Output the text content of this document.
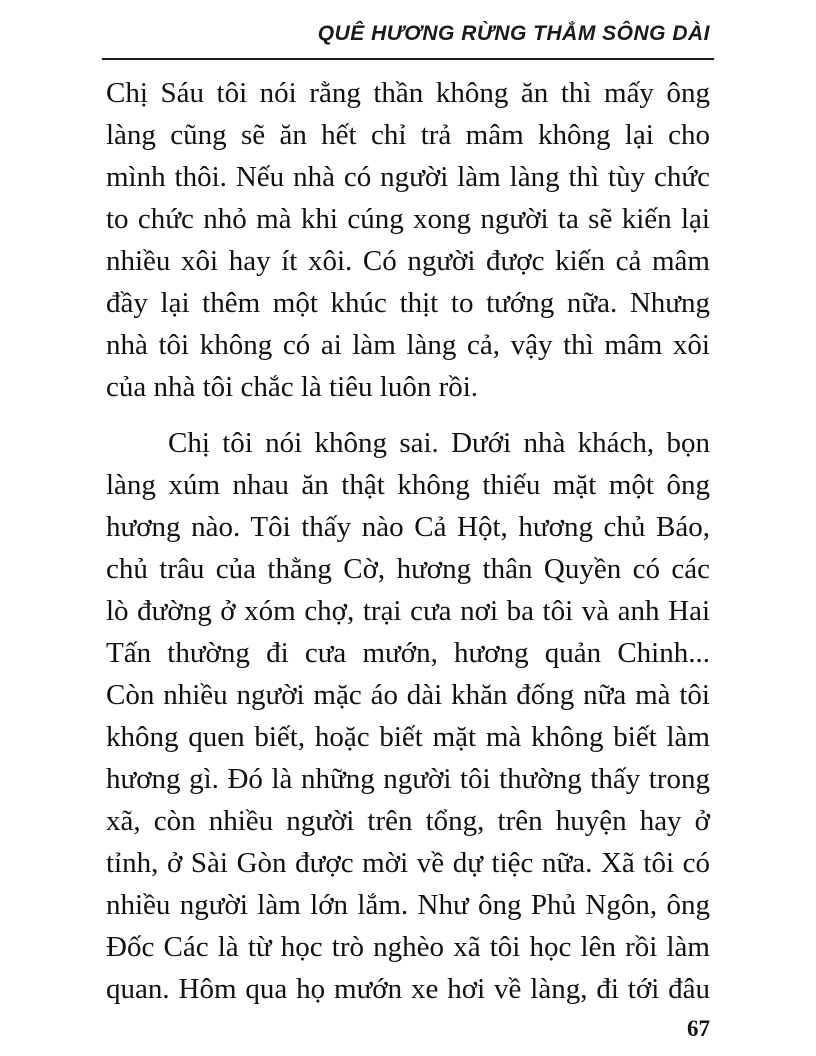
QUÊ HƯƠNG RỪNG THẲM SÔNG DÀI

Chị Sáu tôi nói rằng thần không ăn thì mấy ông
làng cũng sẽ ăn hết chỉ trả mâm không lại cho
mình thôi. Nếu nhà có người làm làng thì tùy chức
to chức nhỏ mà khi cúng xong người ta sẽ kiến lại
nhiều xôi hay ít xôi. Có người được kiến cả mâm
đầy lại thêm một khúc thịt to tướng nữa. Nhưng
nhà tôi không có ai làm làng cả, vậy thì mâm xôi
của nhà tôi chắc là tiêu luôn rồi.

Chị tôi nói không sai. Dưới nhà khách, bọn
làng xúm nhau ăn thật không thiếu mặt một ông
hương nào. Tôi thấy nào Cả Hột, hương chủ Báo,
chủ trâu của thằng Cờ, hương thân Quyền có các
lò đường ở xóm chợ, trại cưa nơi ba tôi và anh Hai
Tấn thường đi cưa mướn, hương quản Chinh...
Còn nhiều người mặc áo dài khăn đống nữa mà tôi
không quen biết, hoặc biết mặt mà không biết làm
hương gì. Đó là những người tôi thường thấy trong
xã, còn nhiều người trên tổng, trên huyện hay ở
tỉnh, ở Sài Gòn được mời về dự tiệc nữa. Xã tôi có
nhiều người làm lớn lắm. Như ông Phủ Ngôn, ông
Đốc Các là từ học trò nghèo xã tôi học lên rồi làm
quan. Hôm qua họ mướn xe hơi về làng, đi tới đâu

67
